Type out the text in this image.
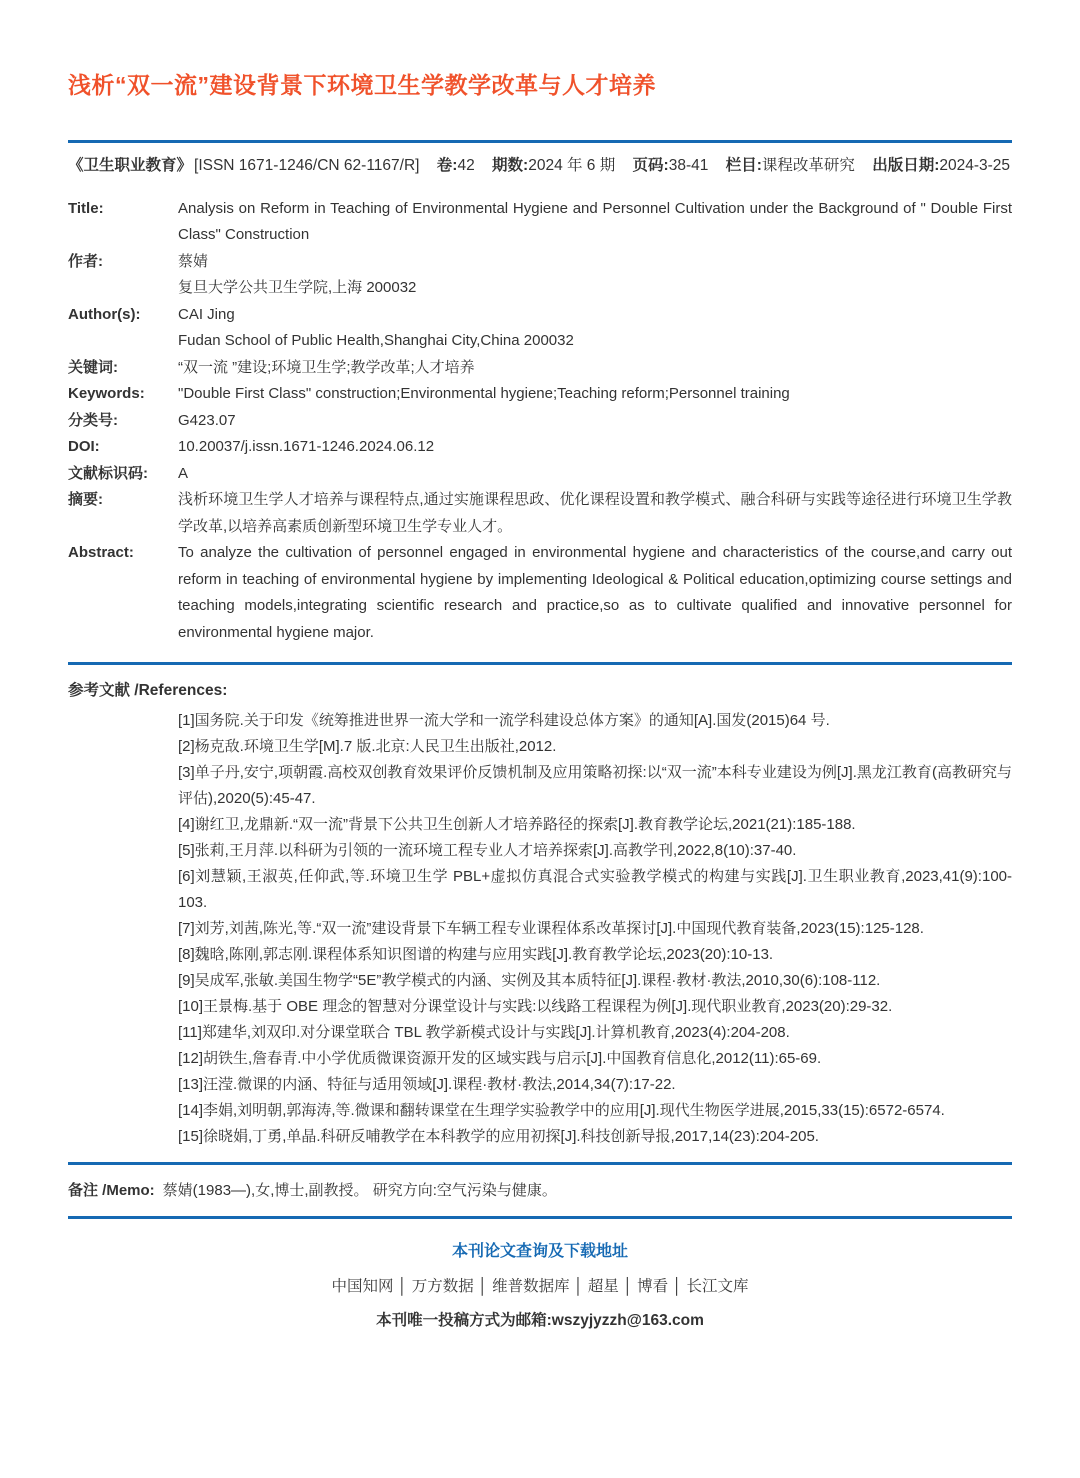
浅析“双一流”建设背景下环境卫生学教学改革与人才培养
《卫生职业教育》 [ISSN 1671-1246/CN 62-1167/R] 卷:42 期数:2024 年 6 期 页码:38-41 栏目:课程改革研究 出版日期:2024-3-25
Title:	Analysis on Reform in Teaching of Environmental Hygiene and Personnel Cultivation under the Background of " Double First Class" Construction
作者:	蔡婧
复旦大学公共卫生学院,上海 200032
Author(s):	CAI Jing
Fudan School of Public Health,Shanghai City,China 200032
关键词:	“双一流 ”建设;环境卫生学;教学改革;人才培养
Keywords:	"Double First Class" construction;Environmental hygiene;Teaching reform;Personnel training
分类号:	G423.07
DOI:	10.20037/j.issn.1671-1246.2024.06.12
文献标识码:	A
摘要:	浅析环境卫生学人才培养与课程特点,通过实施课程思政、优化课程设置和教学模式、融合科研与实践等途径进行环境卫生学教学改革,以培养高素质创新型环境卫生学专业人才。
Abstract:	To analyze the cultivation of personnel engaged in environmental hygiene and characteristics of the course,and carry out reform in teaching of environmental hygiene by implementing Ideological & Political education,optimizing course settings and teaching models,integrating scientific research and practice,so as to cultivate qualified and innovative personnel for environmental hygiene major.
参考文献 /References:

[1]国务院.关于印发《统筹推进世界一流大学和一流学科建设总体方案》的通知[A].国发(2015)64 号.

[2]杨克敌.环境卫生学[M].7 版.北京:人民卫生出版社,2012.

[3]单子丹,安宁,项朝霞.高校双创教育效果评价反馈机制及应用策略初探:以“双一流”本科专业建设为例[J].黑龙江教育(高教研究与评估),2020(5):45-47.

[4]谢红卫,龙鼎新.“双一流”背景下公共卫生创新人才培养路径的探索[J].教育教学论坛,2021(21):185-188.

[5]张莉,王月萍.以科研为引领的一流环境工程专业人才培养探索[J].高教学刊,2022,8(10):37-40.

[6]刘慧颖,王淑英,任仰武,等.环境卫生学 PBL+虚拟仿真混合式实验教学模式的构建与实践[J].卫生职业教育,2023,41(9):100-103.

[7]刘芳,刘茜,陈光,等.“双一流”建设背景下车辆工程专业课程体系改革探讨[J].中国现代教育装备,2023(15):125-128.

[8]魏晗,陈刚,郭志刚.课程体系知识图谱的构建与应用实践[J].教育教学论坛,2023(20):10-13.

[9]吴成军,张敏.美国生物学“5E”教学模式的内涵、实例及其本质特征[J].课程·教材·教法,2010,30(6):108-112.

[10]王景梅.基于 OBE 理念的智慧对分课堂设计与实践:以线路工程课程为例[J].现代职业教育,2023(20):29-32.

[11]郑建华,刘双印.对分课堂联合 TBL 教学新模式设计与实践[J].计算机教育,2023(4):204-208.

[12]胡铁生,詹春青.中小学优质微课资源开发的区域实践与启示[J].中国教育信息化,2012(11):65-69.

[13]汪滢.微课的内涵、特征与适用领域[J].课程·教材·教法,2014,34(7):17-22.

[14]李娟,刘明朝,郭海涛,等.微课和翻转课堂在生理学实验教学中的应用[J].现代生物医学进展,2015,33(15):6572-6574.

[15]徐晓娟,丁勇,单晶.科研反哺教学在本科教学的应用初探[J].科技创新导报,2017,14(23):204-205.

备注 /Memo: 蔡婧(1983—),女,博士,副教授。 研究方向:空气污染与健康。
本刊论文查询及下载地址
中国知网 │ 万方数据 │ 维普数据库 │ 超星 │ 博看 │ 长江文库
本刊唯一投稿方式为邮箱:wszyjyzzh@163.com
